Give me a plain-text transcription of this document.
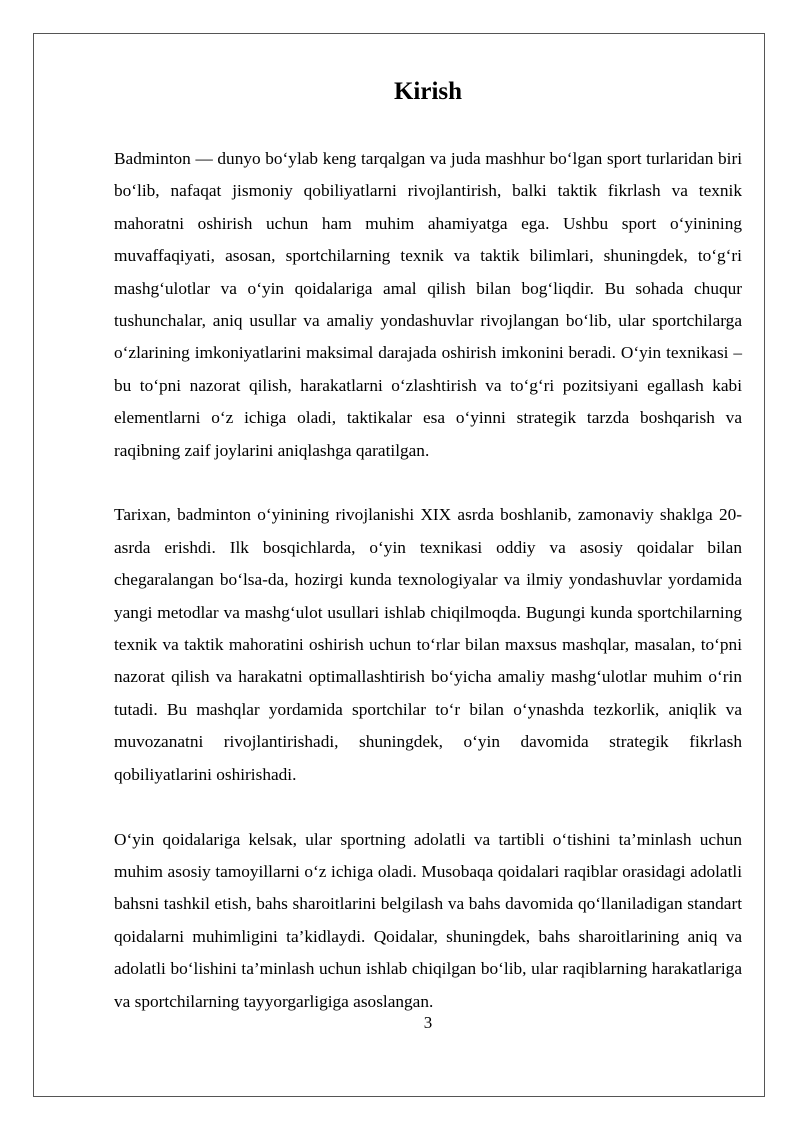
Kirish

Badminton — dunyo bo‘ylab keng tarqalgan va juda mashhur bo‘lgan sport turlaridan biri bo‘lib, nafaqat jismoniy qobiliyatlarni rivojlantirish, balki taktik fikrlash va texnik mahoratni oshirish uchun ham muhim ahamiyatga ega. Ushbu sport o‘yinining muvaffaqiyati, asosan, sportchilarning texnik va taktik bilimlari, shuningdek, to‘g‘ri mashg‘ulotlar va o‘yin qoidalariga amal qilish bilan bog‘liqdir. Bu sohada chuqur tushunchalar, aniq usullar va amaliy yondashuvlar rivojlangan bo‘lib, ular sportchilarga o‘zlarining imkoniyatlarini maksimal darajada oshirish imkonini beradi. O‘yin texnikasi – bu to‘pni nazorat qilish, harakatlarni o‘zlashtirish va to‘g‘ri pozitsiyani egallash kabi elementlarni o‘z ichiga oladi, taktikalar esa o‘yinni strategik tarzda boshqarish va raqibning zaif joylarini aniqlashga qaratilgan.

Tarixan, badminton o‘yinining rivojlanishi XIX asrda boshlanib, zamonaviy shaklga 20-asrda erishdi. Ilk bosqichlarda, o‘yin texnikasi oddiy va asosiy qoidalar bilan chegaralangan bo‘lsa-da, hozirgi kunda texnologiyalar va ilmiy yondashuvlar yordamida yangi metodlar va mashg‘ulot usullari ishlab chiqilmoqda. Bugungi kunda sportchilarning texnik va taktik mahoratini oshirish uchun to‘rlar bilan maxsus mashqlar, masalan, to‘pni nazorat qilish va harakatni optimallashtirish bo‘yicha amaliy mashg‘ulotlar muhim o‘rin tutadi. Bu mashqlar yordamida sportchilar to‘r bilan o‘ynashda tezkorlik, aniqlik va muvozanatni rivojlantirishadi, shuningdek, o‘yin davomida strategik fikrlash qobiliyatlarini oshirishadi.

O‘yin qoidalariga kelsak, ular sportning adolatli va tartibli o‘tishini ta’minlash uchun muhim asosiy tamoyillarni o‘z ichiga oladi. Musobaqa qoidalari raqiblar orasidagi adolatli bahsni tashkil etish, bahs sharoitlarini belgilash va bahs davomida qo‘llaniladigan standart qoidalarni muhimligini ta’kidlaydi. Qoidalar, shuningdek, bahs sharoitlarining aniq va adolatli bo‘lishini ta’minlash uchun ishlab chiqilgan bo‘lib, ular raqiblarning harakatlariga va sportchilarning tayyorgarligiga asoslangan.

3
